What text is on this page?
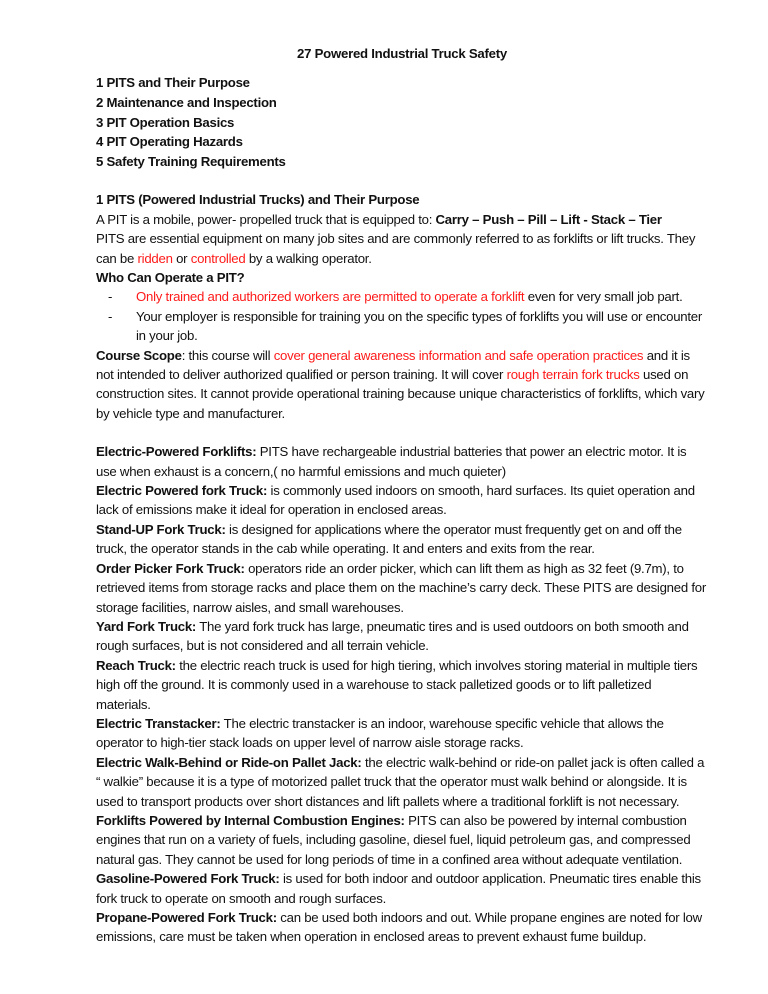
27 Powered Industrial Truck Safety
1 PITS and Their Purpose
2 Maintenance and Inspection
3 PIT Operation Basics
4 PIT Operating Hazards
5 Safety Training Requirements
1 PITS (Powered Industrial Trucks) and Their Purpose

A PIT is a mobile, power- propelled truck that is equipped to: Carry – Push – Pill – Lift - Stack – Tier

PITS are essential equipment on many job sites and are commonly referred to as forklifts or lift trucks. They can be ridden or controlled by a walking operator.

Who Can Operate a PIT?
-	Only trained and authorized workers are permitted to operate a forklift even for very small job part.
-	Your employer is responsible for training you on the specific types of forklifts you will use or encounter in your job.

Course Scope: this course will cover general awareness information and safe operation practices and it is not intended to deliver authorized qualified or person training. It will cover rough terrain fork trucks used on construction sites. It cannot provide operational training because unique characteristics of forklifts, which vary by vehicle type and manufacturer.

Electric-Powered Forklifts: PITS have rechargeable industrial batteries that power an electric motor. It is use when exhaust is a concern,( no harmful emissions and much quieter)

Electric Powered fork Truck: is commonly used indoors on smooth, hard surfaces. Its quiet operation and lack of emissions make it ideal for operation in enclosed areas.

Stand-UP Fork Truck: is designed for applications where the operator must frequently get on and off the truck, the operator stands in the cab while operating. It and enters and exits from the rear.

Order Picker Fork Truck: operators ride an order picker, which can lift them as high as 32 feet (9.7m), to retrieved items from storage racks and place them on the machine’s carry deck. These PITS are designed for storage facilities, narrow aisles, and small warehouses.

Yard Fork Truck: The yard fork truck has large, pneumatic tires and is used outdoors on both smooth and rough surfaces, but is not considered and all terrain vehicle.

Reach Truck: the electric reach truck is used for high tiering, which involves storing material in multiple tiers high off the ground. It is commonly used in a warehouse to stack palletized goods or to lift palletized materials.

Electric Transtacker: The electric transtacker is an indoor, warehouse specific vehicle that allows the operator to high-tier stack loads on upper level of narrow aisle storage racks.

Electric Walk-Behind or Ride-on Pallet Jack: the electric walk-behind or ride-on pallet jack is often called a “ walkie” because it is a type of motorized pallet truck that the operator must walk behind or alongside. It is used to transport products over short distances and lift pallets where a traditional forklift is not necessary.

Forklifts Powered by Internal Combustion Engines: PITS can also be powered by internal combustion engines that run on a variety of fuels, including gasoline, diesel fuel, liquid petroleum gas, and compressed natural gas. They cannot be used for long periods of time in a confined area without adequate ventilation.

Gasoline-Powered Fork Truck: is used for both indoor and outdoor application. Pneumatic tires enable this fork truck to operate on smooth and rough surfaces.

Propane-Powered Fork Truck: can be used both indoors and out. While propane engines are noted for low emissions, care must be taken when operation in enclosed areas to prevent exhaust fume buildup.
